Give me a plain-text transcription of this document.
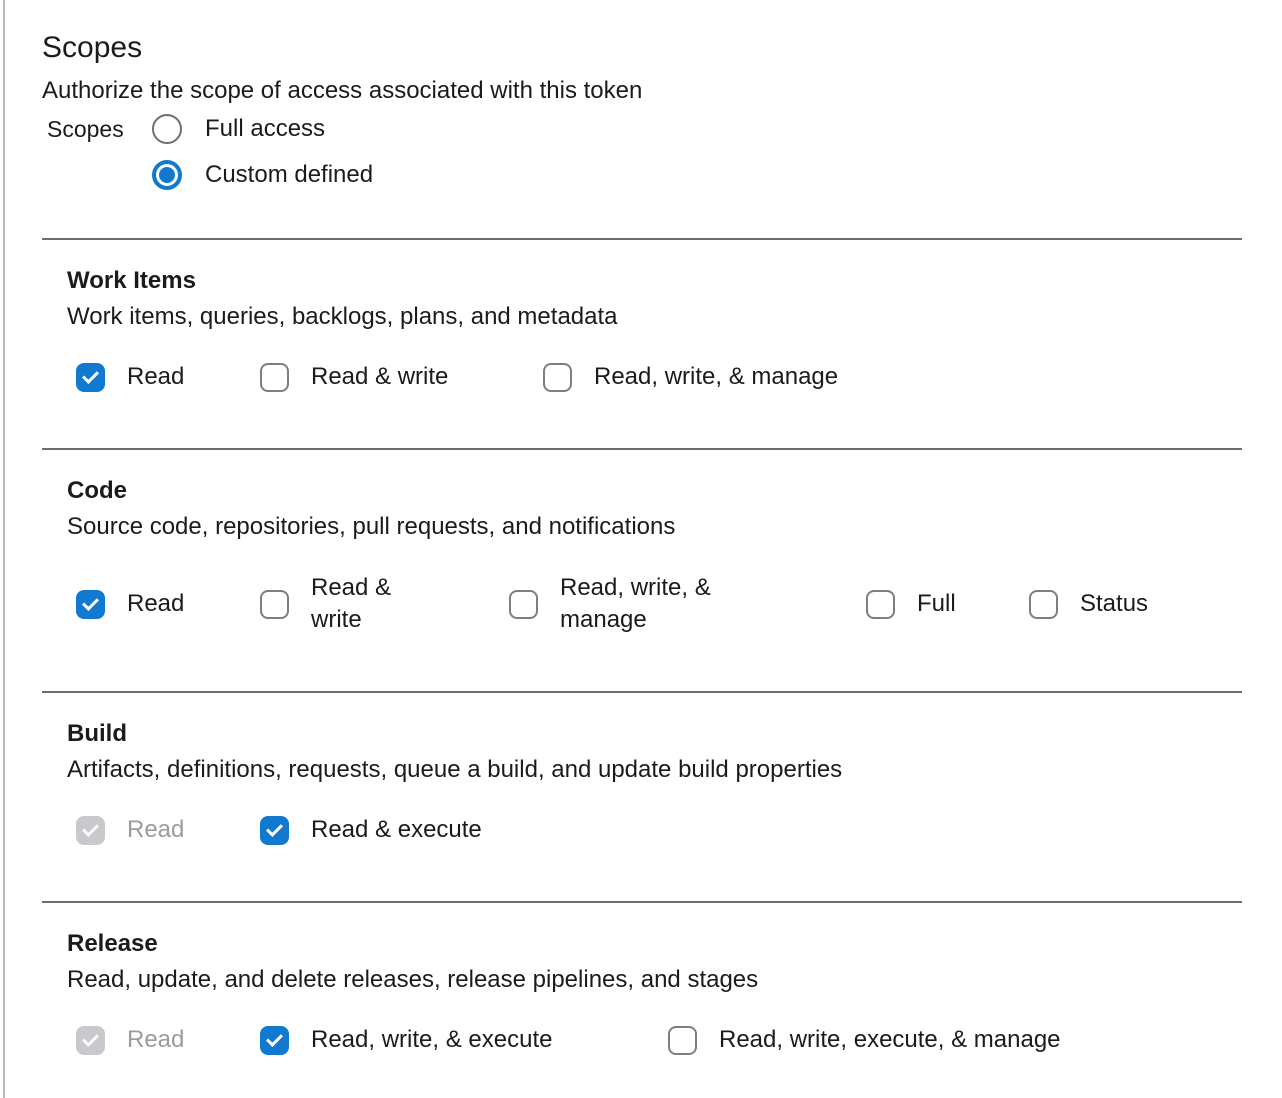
Scopes

Authorize the scope of access associated with this token

Scopes	Full access
Custom defined
Work Items

Work items, queries, backlogs, plans, and metadata

Read	Read & write	Read, write, & manage
Code

Source code, repositories, pull requests, and notifications

Read
Read & write
Read, write, & manage
Full	Status
Build

Artifacts, definitions, requests, queue a build, and update build properties

Read	Read & execute
Release

Read, update, and delete releases, release pipelines, and stages

Read	Read, write, & execute	Read, write, execute, & manage
